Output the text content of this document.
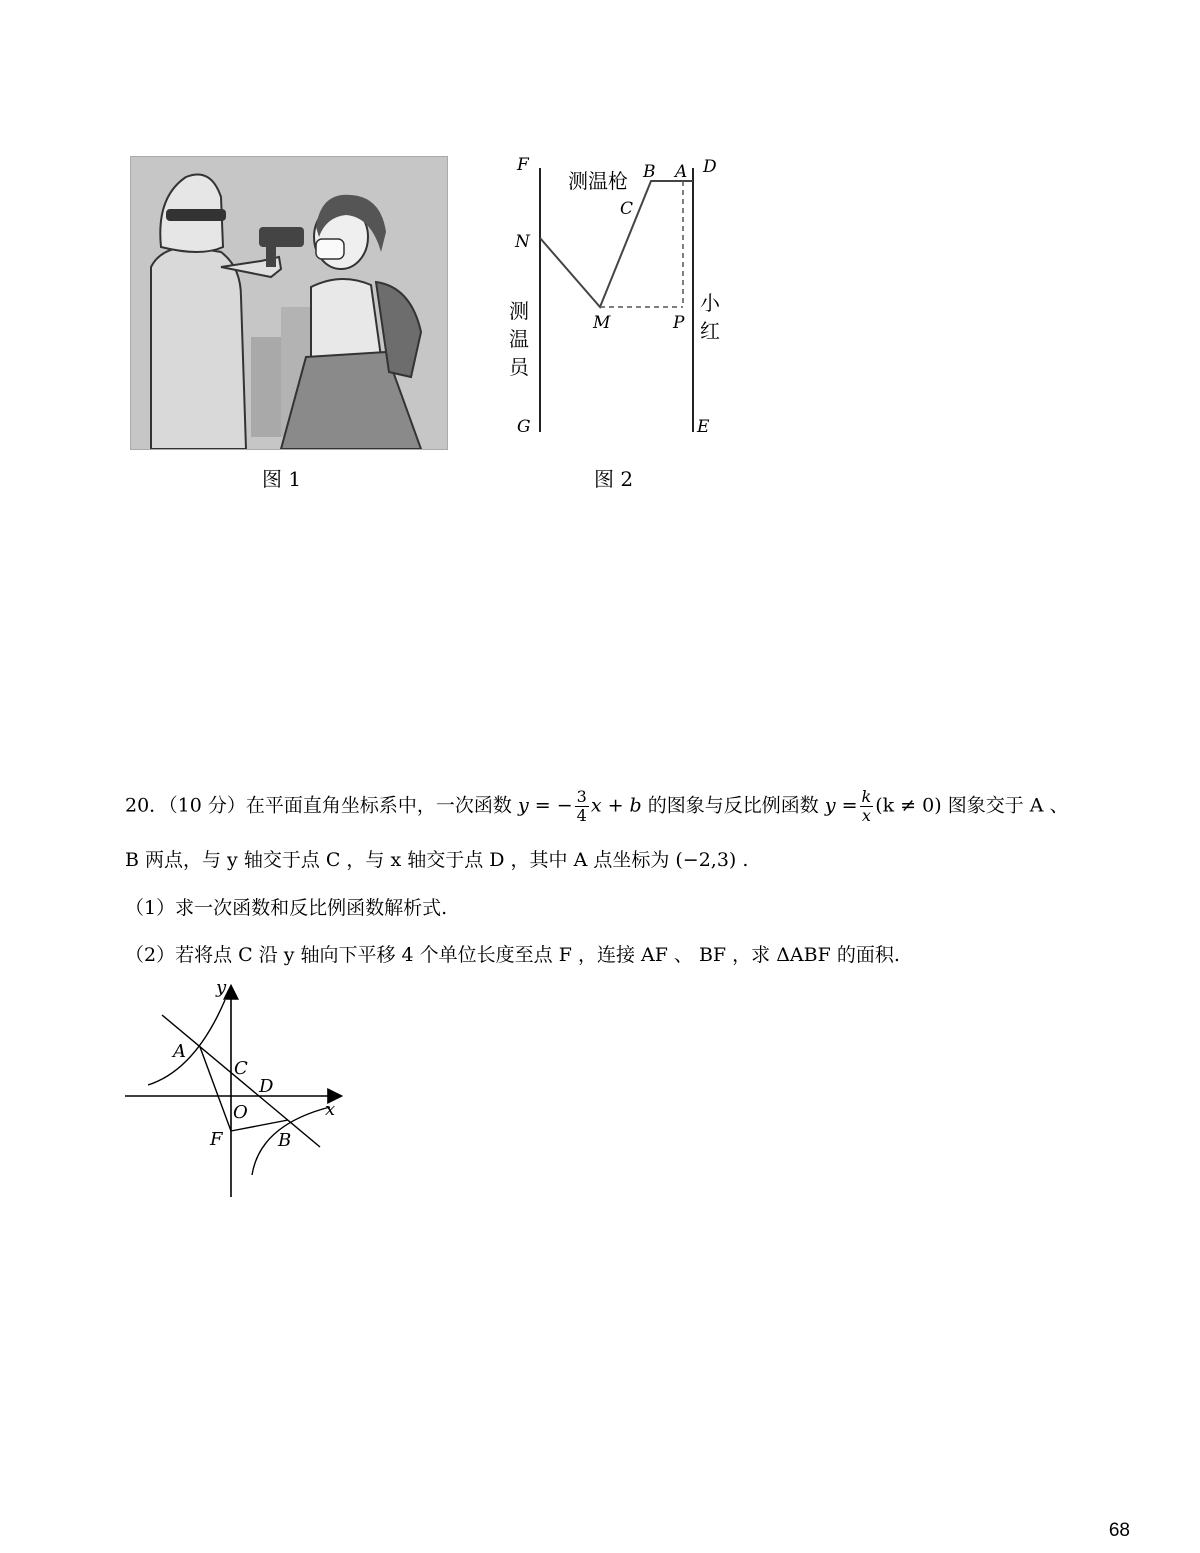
图 1
F
N
G
B A D
C
M	P
E
测温枪
测
温
员
小
红
图 2
20．（10 分）在平面直角坐标系中，一次函数 y = − $\frac{3}{4}$ x + b 的图象与反比例函数 $y = \frac{k}{x} (k \ne 0)$ 图象交于 A 、
B 两点，与 y 轴交于点 C ，与 x 轴交于点 D ，其中 A 点坐标为 (−2,3) .
（1）求一次函数和反比例函数解析式.
（2）若将点 C 沿 y 轴向下平移 4 个单位长度至点 F ，连接 AF 、 BF ，求 ΔABF 的面积.
y
x
A
C
D
O
F	B
68
